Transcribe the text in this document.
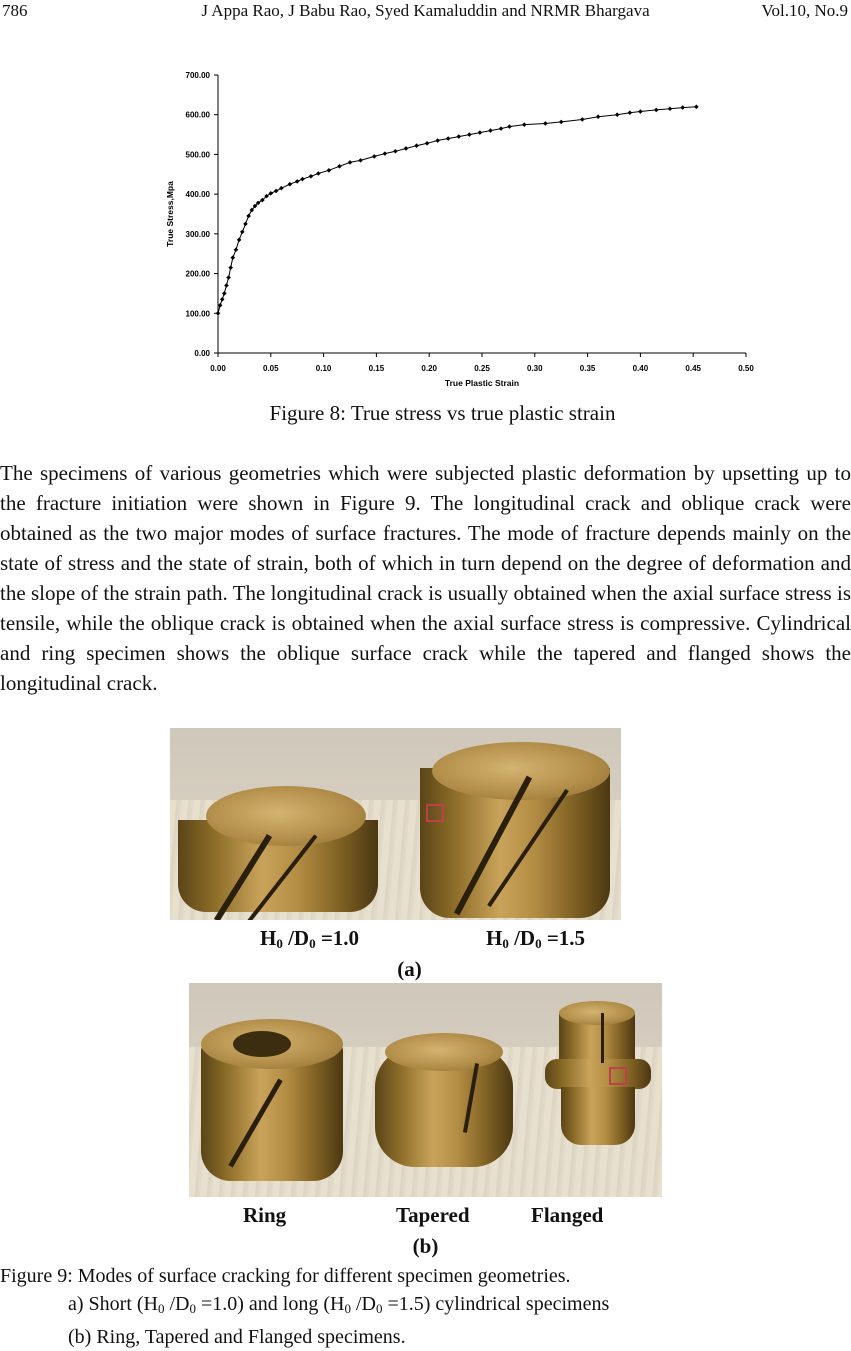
786	J Appa Rao, J Babu Rao, Syed Kamaluddin and NRMR Bhargava	Vol.10, No.9
0.00	0.05	0.10	0.15	0.20	0.25	0.30	0.35	0.40	0.45	0.50
0.00
100.00
200.00
300.00
400.00
500.00
600.00
700.00
True Plastic Strain
True Stress,Mpa
Figure 8: True stress vs true plastic strain
The specimens of various geometries which were subjected plastic deformation by upsetting up to the fracture initiation were shown in Figure 9. The longitudinal crack and oblique crack were obtained as the two major modes of surface fractures. The mode of fracture depends mainly on the state of stress and the state of strain, both of which in turn depend on the degree of deformation and the slope of the strain path. The longitudinal crack is usually obtained when the axial surface stress is tensile, while the oblique crack is obtained when the axial surface stress is compressive. Cylindrical and ring specimen shows the oblique surface crack while the tapered and flanged shows the longitudinal crack.
$H_0$ $/D_0 =1.0$	$H_0$ $/D_0 =1.5$
(a)
Ring	Tapered	Flanged
(b)
Figure 9: Modes of surface cracking for different specimen geometries.
a) Short ($H_0$ $/D_0 =1.0$) and long ($H_0$ $/D_0 =1.5$) cylindrical specimens
(b) Ring, Tapered and Flanged specimens.
